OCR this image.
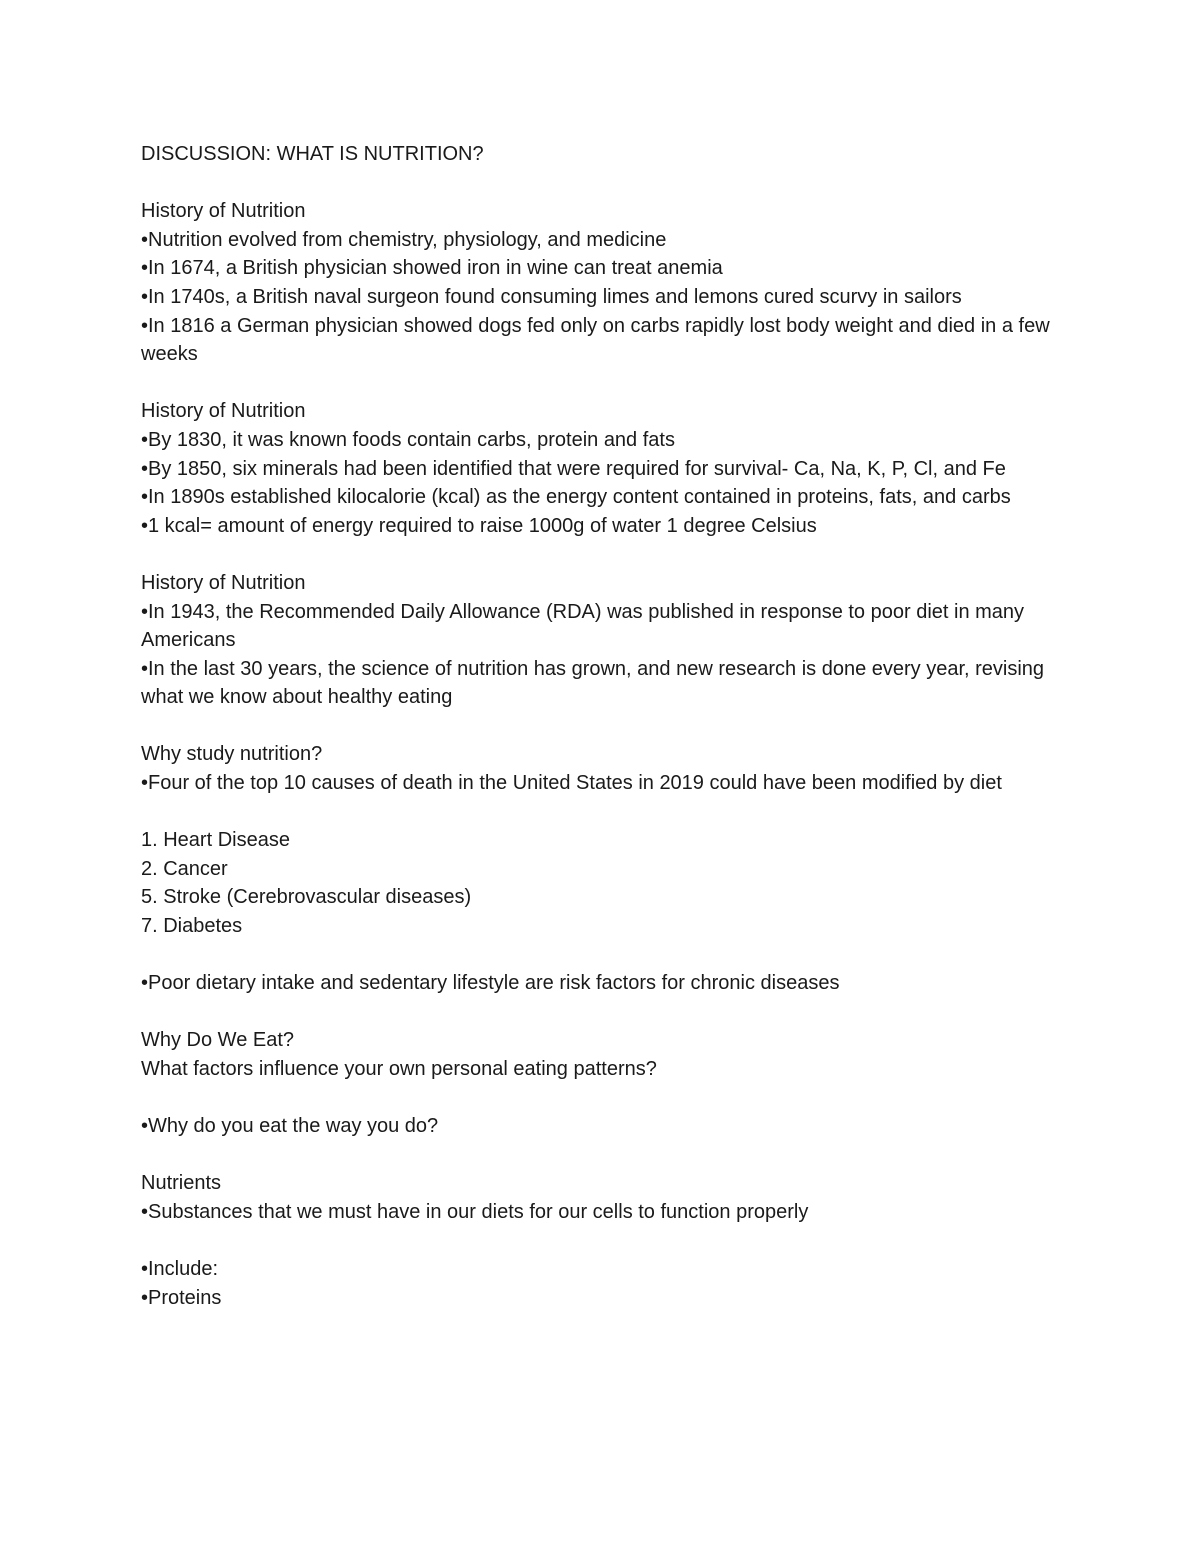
DISCUSSION: WHAT IS NUTRITION?

History of Nutrition

•Nutrition evolved from chemistry, physiology, and medicine

•In 1674, a British physician showed iron in wine can treat anemia

•In 1740s, a British naval surgeon found consuming limes and lemons cured scurvy in sailors

•In 1816 a German physician showed dogs fed only on carbs rapidly lost body weight and died in a few weeks

History of Nutrition

•By 1830, it was known foods contain carbs, protein and fats

•By 1850, six minerals had been identified that were required for survival- Ca, Na, K, P, Cl, and Fe

•In 1890s established kilocalorie (kcal) as the energy content contained in proteins, fats, and carbs

•1 kcal= amount of energy required to raise 1000g of water 1 degree Celsius

History of Nutrition

•In 1943, the Recommended Daily Allowance (RDA) was published in response to poor diet in many Americans

•In the last 30 years, the science of nutrition has grown, and new research is done every year, revising what we know about healthy eating

Why study nutrition?

•Four of the top 10 causes of death in the United States in 2019 could have been modified by diet

1. Heart Disease

2. Cancer

5. Stroke (Cerebrovascular diseases)

7. Diabetes

•Poor dietary intake and sedentary lifestyle are risk factors for chronic diseases

Why Do We Eat?

What factors influence your own personal eating patterns?

•Why do you eat the way you do?

Nutrients

•Substances that we must have in our diets for our cells to function properly

•Include:

•Proteins
